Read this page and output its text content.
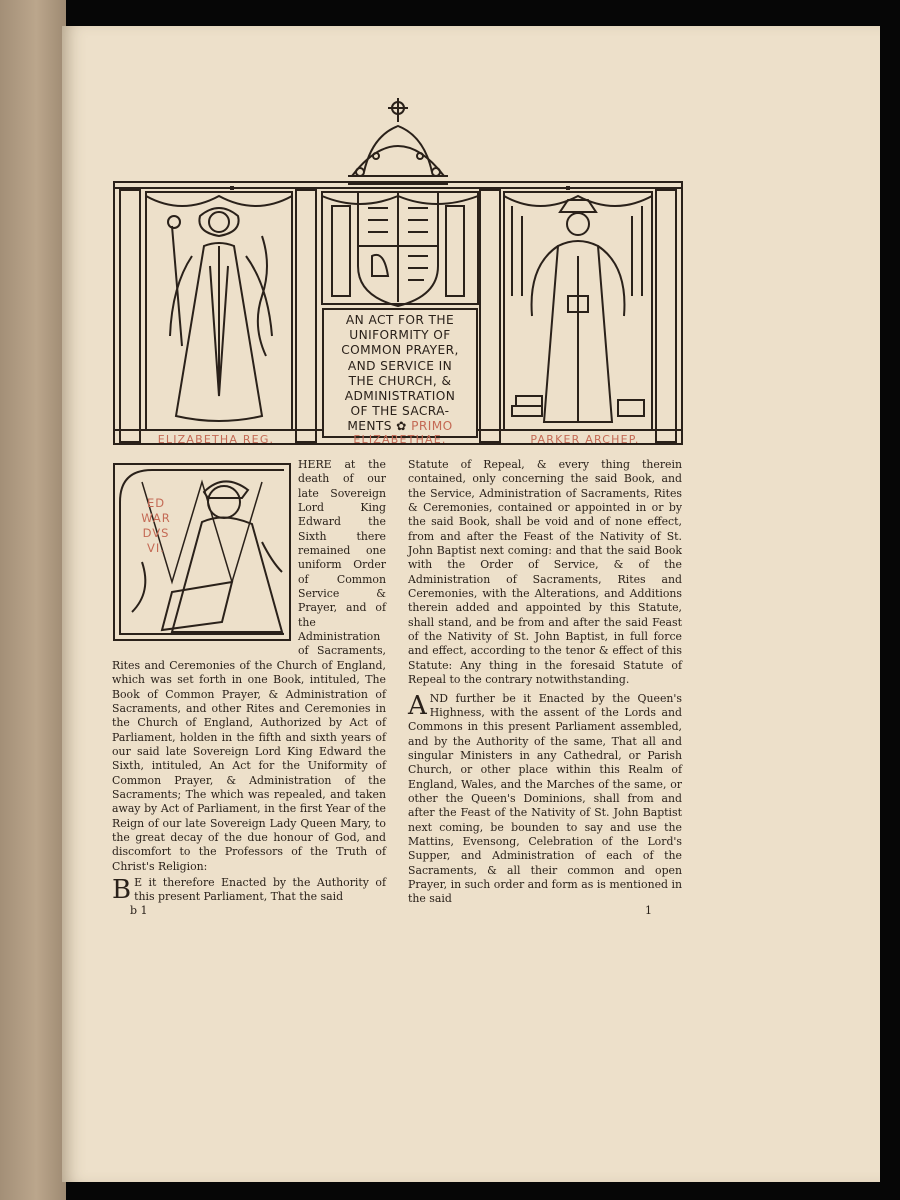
AN ACT FOR THE
UNIFORMITY OF
COMMON PRAYER,
AND SERVICE IN
THE CHURCH, &
ADMINISTRATION
OF THE SACRA-
MENTS ✿ PRIMO
ELIZABETHA REG.	PARKER ARCHEP.
ELIZABETHAE.
ED
WAR
DVS
VI.

HERE at the death of our late Sovereign Lord King Edward the Sixth there remained one uniform Order of Common Service & Prayer, and of the Administration of Sacraments, Rites and Ceremonies of the Church of England, which was set forth in one Book, intituled, The Book of Common Prayer, & Administration of Sacraments, and other Rites and Ceremonies in the Church of England, Authorized by Act of Parliament, holden in the fifth and sixth years of our said late Sovereign Lord King Edward the Sixth, intituled, An Act for the Uniformity of Common Prayer, & Administration of the Sacraments; The which was repealed, and taken away by Act of Parliament, in the first Year of the Reign of our late Sovereign Lady Queen Mary, to the great decay of the due honour of God, and discomfort to the Professors of the Truth of Christ's Religion:

B E it therefore Enacted by the Authority of this present Parliament, That the said

Statute of Repeal, & every thing therein contained, only concerning the said Book, and the Service, Administration of Sacraments, Rites & Ceremonies, contained or appointed in or by the said Book, shall be void and of none effect, from and after the Feast of the Nativity of St. John Baptist next coming: and that the said Book with the Order of Service, & of the Administration of Sacraments, Rites and Ceremonies, with the Alterations, and Additions therein added and appointed by this Statute, shall stand, and be from and after the said Feast of the Nativity of St. John Baptist, in full force and effect, according to the tenor & effect of this Statute: Any thing in the foresaid Statute of Repeal to the contrary notwithstanding.

AND further be it Enacted by the Queen's Highness, with the assent of the Lords and Commons in this present Parliament assembled, and by the Authority of the same, That all and singular Ministers in any Cathedral, or Parish Church, or other place within this Realm of England, Wales, and the Marches of the same, or other the Queen's Dominions, shall from and after the Feast of the Nativity of St. John Baptist next coming, be bounden to say and use the Mattins, Evensong, Celebration of the Lord's Supper, and Administration of each of the Sacraments, & all their common and open Prayer, in such order and form as is mentioned in the said

b 1	1
